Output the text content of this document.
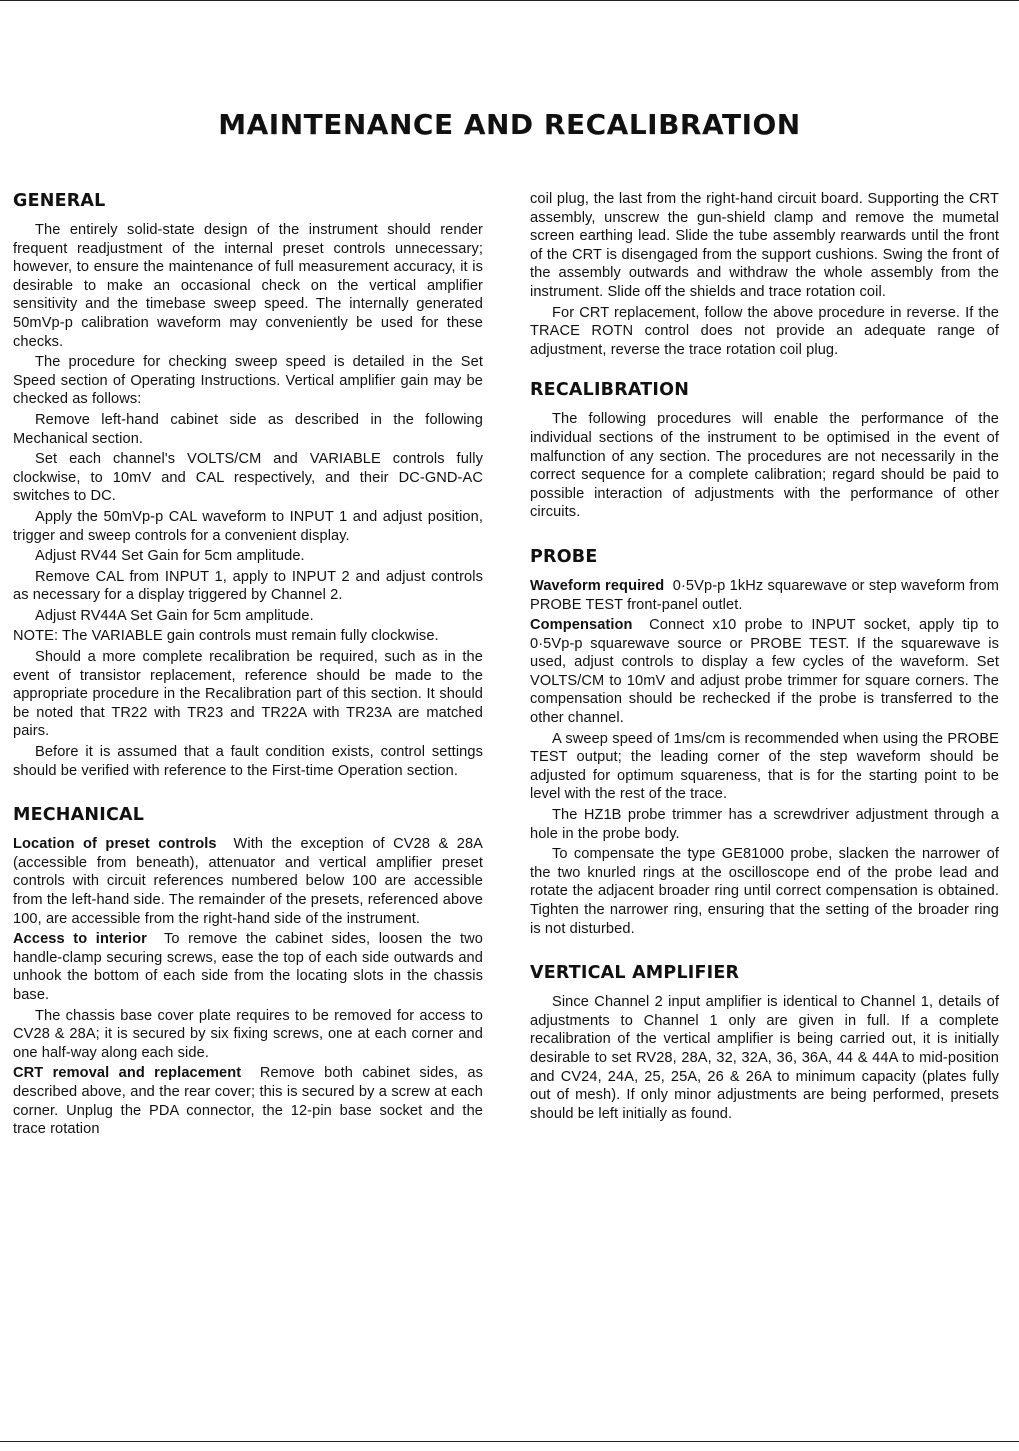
MAINTENANCE AND RECALIBRATION
GENERAL

The entirely solid-state design of the instrument should render frequent readjustment of the internal preset controls unnecessary; however, to ensure the maintenance of full measurement accuracy, it is desirable to make an occasional check on the vertical amplifier sensitivity and the timebase sweep speed. The internally generated 50mVp-p calibration waveform may conveniently be used for these checks.

The procedure for checking sweep speed is detailed in the Set Speed section of Operating Instructions. Vertical amplifier gain may be checked as follows:

Remove left-hand cabinet side as described in the following Mechanical section.

Set each channel's VOLTS/CM and VARIABLE controls fully clockwise, to 10mV and CAL respectively, and their DC-GND-AC switches to DC.

Apply the 50mVp-p CAL waveform to INPUT 1 and adjust position, trigger and sweep controls for a convenient display.

Adjust RV44 Set Gain for 5cm amplitude.

Remove CAL from INPUT 1, apply to INPUT 2 and adjust controls as necessary for a display triggered by Channel 2.

Adjust RV44A Set Gain for 5cm amplitude.

NOTE: The VARIABLE gain controls must remain fully clockwise.

Should a more complete recalibration be required, such as in the event of transistor replacement, reference should be made to the appropriate procedure in the Recalibration part of this section. It should be noted that TR22 with TR23 and TR22A with TR23A are matched pairs.

Before it is assumed that a fault condition exists, control settings should be verified with reference to the First-time Operation section.

MECHANICAL

Location of preset controls With the exception of CV28 & 28A (accessible from beneath), attenuator and vertical amplifier preset controls with circuit references numbered below 100 are accessible from the left-hand side. The remainder of the presets, referenced above 100, are accessible from the right-hand side of the instrument.

Access to interior To remove the cabinet sides, loosen the two handle-clamp securing screws, ease the top of each side outwards and unhook the bottom of each side from the locating slots in the chassis base.

The chassis base cover plate requires to be removed for access to CV28 & 28A; it is secured by six fixing screws, one at each corner and one half-way along each side.

CRT removal and replacement Remove both cabinet sides, as described above, and the rear cover; this is secured by a screw at each corner. Unplug the PDA connector, the 12-pin base socket and the trace rotation

coil plug, the last from the right-hand circuit board. Supporting the CRT assembly, unscrew the gun-shield clamp and remove the mumetal screen earthing lead. Slide the tube assembly rearwards until the front of the CRT is disengaged from the support cushions. Swing the front of the assembly outwards and withdraw the whole assembly from the instrument. Slide off the shields and trace rotation coil.

For CRT replacement, follow the above procedure in reverse. If the TRACE ROTN control does not provide an adequate range of adjustment, reverse the trace rotation coil plug.

RECALIBRATION

The following procedures will enable the performance of the individual sections of the instrument to be optimised in the event of malfunction of any section. The procedures are not necessarily in the correct sequence for a complete calibration; regard should be paid to possible interaction of adjustments with the performance of other circuits.

PROBE

Waveform required 0·5Vp-p 1kHz squarewave or step waveform from PROBE TEST front-panel outlet.

Compensation Connect x10 probe to INPUT socket, apply tip to 0·5Vp-p squarewave source or PROBE TEST. If the squarewave is used, adjust controls to display a few cycles of the waveform. Set VOLTS/CM to 10mV and adjust probe trimmer for square corners. The compensation should be rechecked if the probe is transferred to the other channel.

A sweep speed of 1ms/cm is recommended when using the PROBE TEST output; the leading corner of the step waveform should be adjusted for optimum squareness, that is for the starting point to be level with the rest of the trace.

The HZ1B probe trimmer has a screwdriver adjustment through a hole in the probe body.

To compensate the type GE81000 probe, slacken the narrower of the two knurled rings at the oscilloscope end of the probe lead and rotate the adjacent broader ring until correct compensation is obtained. Tighten the narrower ring, ensuring that the setting of the broader ring is not disturbed.

VERTICAL AMPLIFIER

Since Channel 2 input amplifier is identical to Channel 1, details of adjustments to Channel 1 only are given in full. If a complete recalibration of the vertical amplifier is being carried out, it is initially desirable to set RV28, 28A, 32, 32A, 36, 36A, 44 & 44A to mid-position and CV24, 24A, 25, 25A, 26 & 26A to minimum capacity (plates fully out of mesh). If only minor adjustments are being performed, presets should be left initially as found.
